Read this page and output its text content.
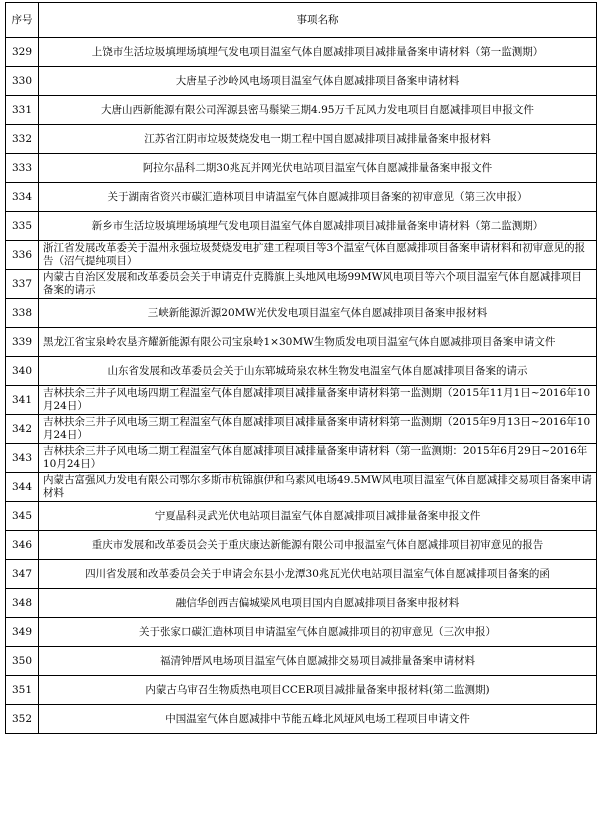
序号	事项名称
329	上饶市生活垃圾填埋场填埋气发电项目温室气体自愿减排项目减排量备案申请材料（第一监测期）
330	大唐星子沙岭风电场项目温室气体自愿减排项目备案申请材料
331	大唐山西新能源有限公司浑源县密马鬃梁三期4.95万千瓦风力发电项目自愿减排项目申报文件
332	江苏省江阴市垃圾焚烧发电一期工程中国自愿减排项目减排量备案申报材料
333	阿拉尔晶科二期30兆瓦并网光伏电站项目温室气体自愿减排量备案申报文件
334	关于湖南省资兴市碳汇造林项目申请温室气体自愿减排项目备案的初审意见（第三次申报）
335	新乡市生活垃圾填埋场填埋气发电项目温室气体自愿减排项目减排量备案申请材料（第二监测期）
336	浙江省发展改革委关于温州永强垃圾焚烧发电扩建工程项目等3个温室气体自愿减排项目备案申请材料和初审意见的报告（沼气提纯项目）
337	内蒙古自治区发展和改革委员会关于申请克什克腾旗上头地风电场99MW风电项目等六个项目温室气体自愿减排项目备案的请示
338	三峡新能源沂源20MW光伏发电项目温室气体自愿减排项目备案申报材料
339	黑龙江省宝泉岭农垦齐耀新能源有限公司宝泉岭1×30MW生物质发电项目温室气体自愿减排项目备案申请文件
340	山东省发展和改革委员会关于山东郓城琦泉农林生物发电温室气体自愿减排项目备案的请示
341	吉林扶余三井子风电场四期工程温室气体自愿减排项目减排量备案申请材料第一监测期（2015年11月1日~2016年10月24日）
342	吉林扶余三井子风电场三期工程温室气体自愿减排项目减排量备案申请材料第一监测期（2015年9月13日~2016年10月24日）
343	吉林扶余三井子风电场二期工程温室气体自愿减排项目减排量备案申请材料（第一监测期：2015年6月29日~2016年10月24日）
344	内蒙古富强风力发电有限公司鄂尔多斯市杭锦旗伊和乌素风电场49.5MW风电项目温室气体自愿减排交易项目备案申请材料
345	宁夏晶科灵武光伏电站项目温室气体自愿减排项目减排量备案申报文件
346	重庆市发展和改革委员会关于重庆康达新能源有限公司申报温室气体自愿减排项目初审意见的报告
347	四川省发展和改革委员会关于申请会东县小龙潭30兆瓦光伏电站项目温室气体自愿减排项目备案的函
348	融信华创西吉偏城梁风电项目国内自愿减排项目备案申报材料
349	关于张家口碳汇造林项目申请温室气体自愿减排项目的初审意见（三次申报）
350	福清钟厝风电场项目温室气体自愿减排交易项目减排量备案申请材料
351	内蒙古乌审召生物质热电项目CCER项目减排量备案申报材料(第二监测期)
352	中国温室气体自愿减排中节能五峰北风垭风电场工程项目申请文件
